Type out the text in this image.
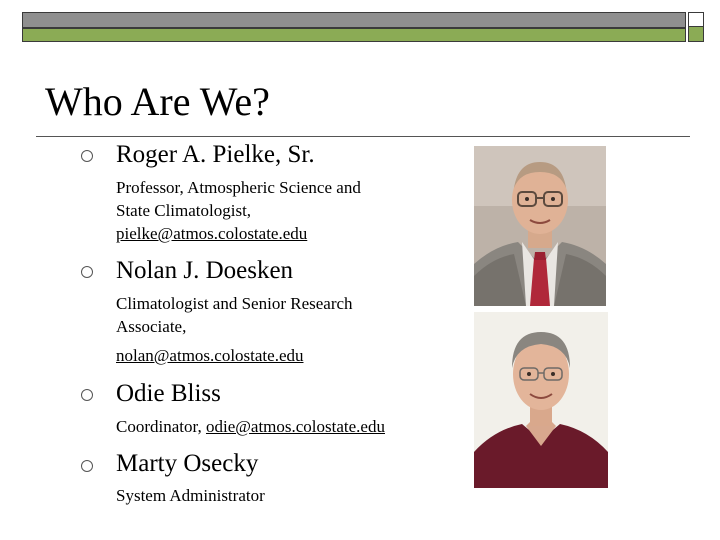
Who Are We?
Roger A. Pielke, Sr.
Professor, Atmospheric Science and
State Climatologist,
pielke@atmos.colostate.edu
Nolan J. Doesken
Climatologist and Senior Research
Associate,
nolan@atmos.colostate.edu
Odie Bliss
Coordinator, odie@atmos.colostate.edu
Marty Osecky
System Administrator
